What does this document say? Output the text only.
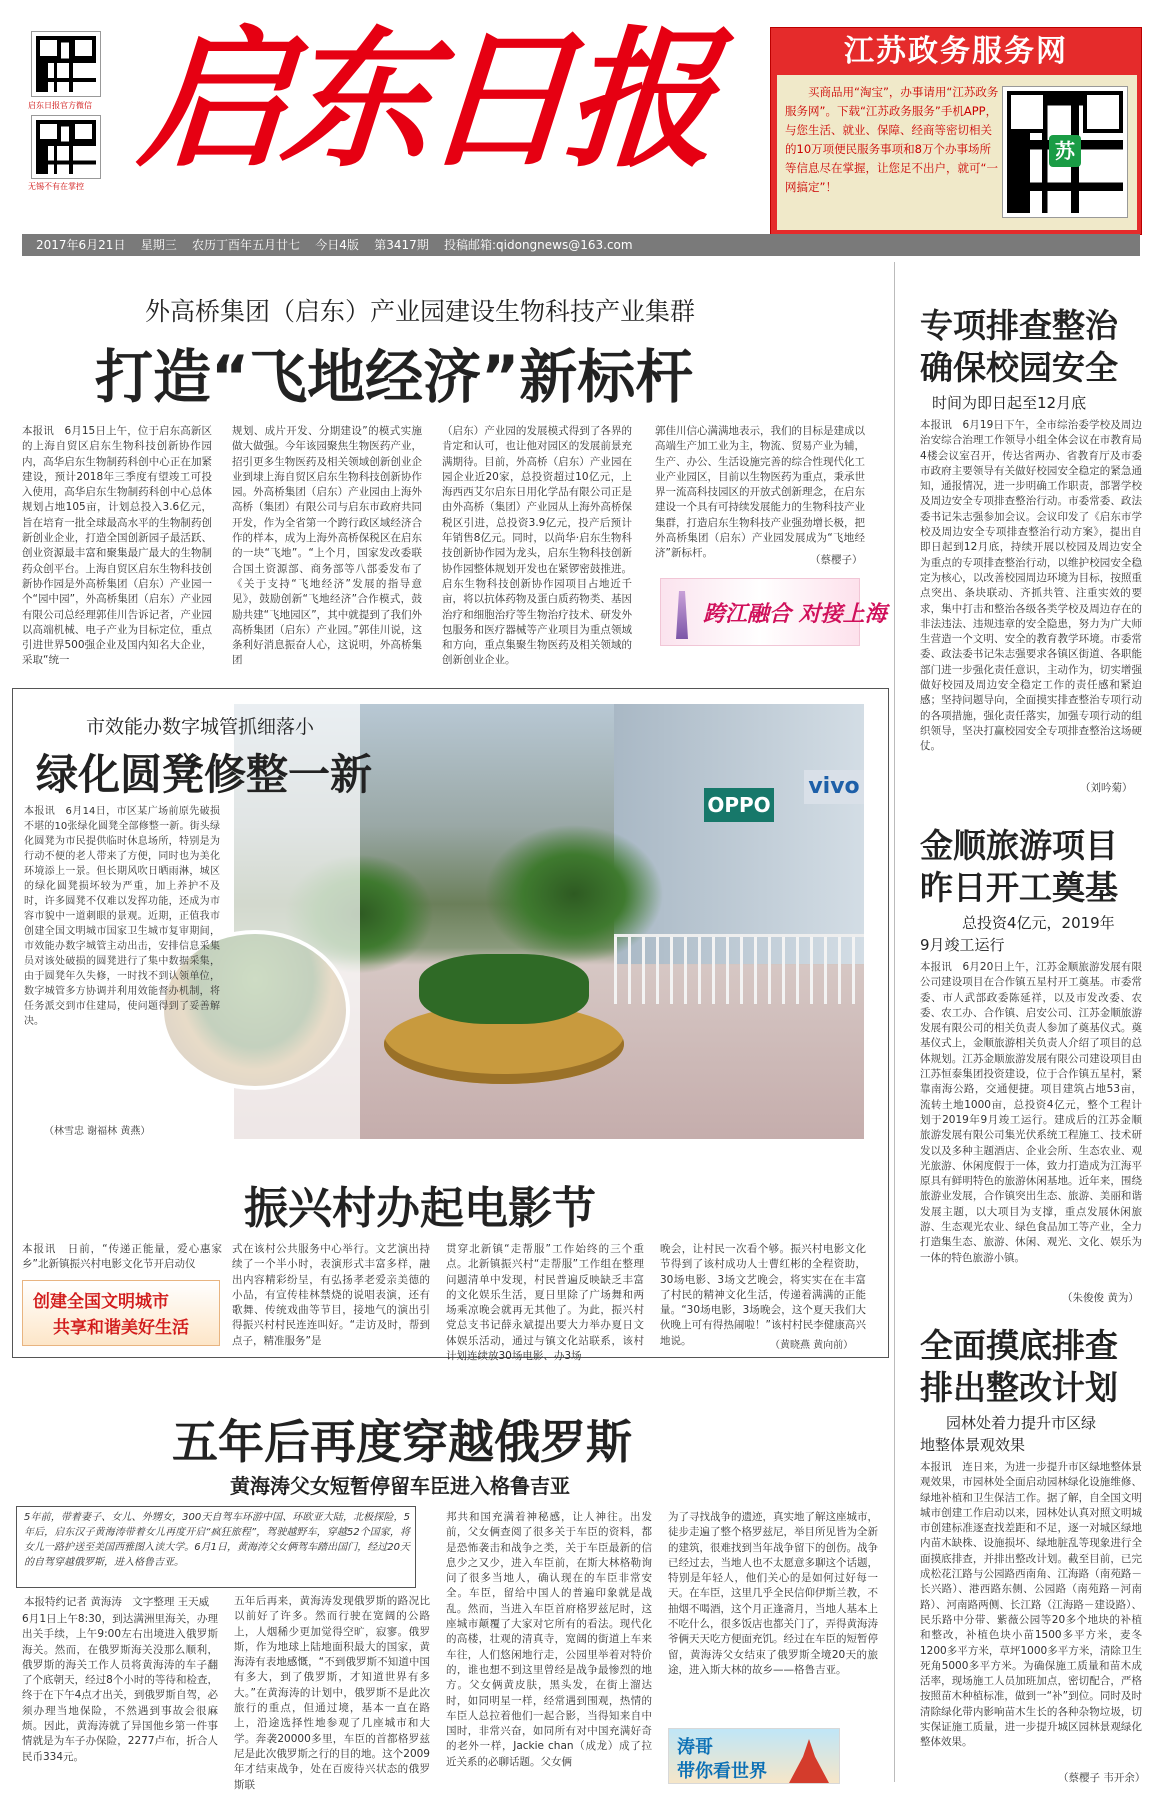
启东日报官方微信
无锡不有在掌控 启东日报	江苏政务服务网
买商品用“淘宝”，办事请用“江苏政务服务网”。下载“江苏政务服务”手机APP，与您生活、就业、保障、经商等密切相关的10万项便民服务事项和8万个办事场所等信息尽在掌握，让您足不出户，就可“一网搞定”！
苏
2017年6月21日 星期三 农历丁酉年五月廿七 今日4版 第3417期 投稿邮箱:qidongnews@163.com
外高桥集团（启东）产业园建设生物科技产业集群
打造“飞地经济”新标杆
本报讯　6月15日上午，位于启东高新区的上海自贸区启东生物科技创新协作园内，高华启东生物制药科创中心正在加紧建设，预计2018年三季度有望竣工可投入使用，高华启东生物制药科创中心总体规划占地105亩，计划总投入3.6亿元，旨在培育一批全球最高水平的生物制药创新创业企业，打造全国创新园子最活跃、创业资源最丰富和聚集最广最大的生物制药众创平台。上海自贸区启东生物科技创新协作园是外高桥集团（启东）产业园一个“园中园”，外高桥集团（启东）产业园有限公司总经理郭佳川告诉记者，产业园以高端机械、电子产业为目标定位，重点引进世界500强企业及国内知名大企业，采取“统一
规划、成片开发、分期建设”的模式实施做大做强。今年该园聚焦生物医药产业，招引更多生物医药及相关领域创新创业企业到埭上海自贸区启东生物科技创新协作园。外高桥集团（启东）产业园由上海外高桥（集团）有限公司与启东市政府共同开发，作为全省第一个跨行政区域经济合作的样本，成为上海外高桥保税区在启东的一块“飞地”。“上个月，国家发改委联合国土资源部、商务部等八部委发布了《关于支持“飞地经济”发展的指导意见》，鼓励创新“飞地经济”合作模式，鼓励共建“飞地园区”，其中就提到了我们外高桥集团（启东）产业园。”郭佳川说，这条利好消息振奋人心，这说明，外高桥集团
（启东）产业园的发展模式得到了各界的肯定和认可，也让他对园区的发展前景充满期待。目前，外高桥（启东）产业园在园企业近20家，总投资超过10亿元，上海西西艾尔启东日用化学品有限公司正是由外高桥（集团）产业园从上海外高桥保税区引进，总投资3.9亿元，投产后预计年销售8亿元。同时，以尚华·启东生物科技创新协作园为龙头，启东生物科技创新协作园整体规划开发也在紧锣密鼓推进。启东生物科技创新协作园项目占地近千亩，将以抗体药物及蛋白质药物类、基因治疗和细胞治疗等生物治疗技术、研发外包服务和医疗器械等产业项目为重点领域和方向，重点集聚生物医药及相关领域的创新创业企业。
郭佳川信心满满地表示，我们的目标是建成以高端生产加工业为主，物流、贸易产业为辅，生产、办公、生活设施完善的综合性现代化工业产业园区，目前以生物医药为重点，秉承世界一流高科技园区的开放式创新理念，在启东建设一个具有可持续发展能力的生物科技产业集群，打造启东生物科技产业强劲增长极，把外高桥集团（启东）产业园发展成为“飞地经济”新标杆。
（蔡樱子）
跨江融合 对接上海
专项排查整治
确保校园安全
时间为即日起至12月底
本报讯　6月19日下午，全市综治委学校及周边治安综合治理工作领导小组全体会议在市教育局4楼会议室召开，传达省两办、省教育厅及市委市政府主要领导有关做好校园安全稳定的紧急通知，通报情况，进一步明确工作职责，部署学校及周边安全专项排查整治行动。市委常委、政法委书记朱志强参加会议。会议印发了《启东市学校及周边安全专项排查整治行动方案》，提出自即日起到12月底，持续开展以校园及周边安全为重点的专项排查整治行动，以维护校园安全稳定为核心，以改善校园周边环境为目标，按照重点突出、条块联动、齐抓共管、注重实效的要求，集中打击和整治各级各类学校及周边存在的非法违法、违规违章的安全隐患，努力为广大师生营造一个文明、安全的教育教学环境。市委常委、政法委书记朱志强要求各镇区街道、各职能部门进一步强化责任意识，主动作为，切实增强做好校园及周边安全稳定工作的责任感和紧迫感；坚持问题导向，全面摸实排查整治专项行动的各项措施，强化责任落实，加强专项行动的组织领导，坚决打赢校园安全专项排查整治这场硬仗。
（刘吟菊）
OPPO
vivo
市效能办数字城管抓细落小
绿化圆凳修整一新
本报讯　6月14日，市区某广场前原先破损不堪的10张绿化圆凳全部修整一新。街头绿化圆凳为市民提供临时休息场所，特别是为行动不便的老人带来了方便，同时也为美化环境添上一景。但长期风吹日晒雨淋，城区的绿化圆凳损坏较为严重，加上养护不及时，许多圆凳不仅难以发挥功能，还成为市容市貌中一道刺眼的景观。近期，正值我市创建全国文明城市国家卫生城市复审期间，市效能办数字城管主动出击，安排信息采集员对该处破损的圆凳进行了集中数据采集，由于圆凳年久失修，一时找不到认领单位，数字城管多方协调并利用效能督办机制，将任务派交到市住建局，使问题得到了妥善解决。
（林雪忠 谢福林 黄燕）
振兴村办起电影节
本报讯　日前，“传递正能量，爱心惠家乡”北新镇振兴村电影文化节开启动仪
创建全国文明城市
共享和谐美好生活
式在该村公共服务中心举行。文艺演出持续了一个半小时，表演形式丰富多样，融出内容精彩纷呈，有弘扬孝老爱亲美德的小品，有宣传桂林禁烧的说唱表演，还有歌舞、传统戏曲等节目，接地气的演出引得振兴村村民连连叫好。“走访及时，帮到点子，精准服务”是
贯穿北新镇“走帮服”工作始终的三个重点。北新镇振兴村“走帮服”工作组在整理问题清单中发现，村民普遍反映缺乏丰富的文化娱乐生活，夏日里除了广场舞和两场乘凉晚会就再无其他了。为此，振兴村党总支书记薛永斌提出要大力举办夏日文体娱乐活动，通过与镇文化站联系，该村计划连续放30场电影、办3场
晚会，让村民一次看个够。振兴村电影文化节得到了该村成功人士曹红彬的全程资助，30场电影、3场文艺晚会，将实实在在丰富了村民的精神文化生活，传递着满满的正能量。“30场电影，3场晚会，这个夏天我们大伙晚上可有得热闹啦！”该村村民李健康高兴地说。	（黄晓燕 黄向前）
金顺旅游项目
昨日开工奠基
总投资4亿元，2019年
9月竣工运行
本报讯　6月20日上午，江苏金顺旅游发展有限公司建设项目在合作镇五星村开工奠基。市委常委、市人武部政委陈延祥，以及市发改委、农委、农工办、合作镇、启安公司、江苏金顺旅游发展有限公司的相关负责人参加了奠基仪式。奠基仪式上，金顺旅游相关负责人介绍了项目的总体规划。江苏金顺旅游发展有限公司建设项目由江苏恒泰集团投资建设，位于合作镇五星村，紧靠南海公路，交通便捷。项目建筑占地53亩，流转土地1000亩，总投资4亿元，整个工程计划于2019年9月竣工运行。建成后的江苏金顺旅游发展有限公司集光伏系统工程施工、技术研发以及多种主题酒店、企业会所、生态农业、观光旅游、休闲度假于一体，致力打造成为江海平原具有鲜明特色的旅游休闲基地。近年来，围绕旅游业发展，合作镇突出生态、旅游、美丽和谐发展主题，以大项目为支撑，重点发展休闲旅游、生态观光农业、绿色食品加工等产业，全力打造集生态、旅游、休闲、观光、文化、娱乐为一体的特色旅游小镇。
（朱俊俊 黄为）
五年后再度穿越俄罗斯
黄海涛父女短暂停留车臣进入格鲁吉亚
5年前，带着妻子、女儿、外甥女，300天自驾车环游中国、环欧亚大陆，北极探险，5年后，启东汉子黄海涛带着女儿再度开启“疯狂旅程”，驾驶越野车，穿越52个国家，将女儿一路护送至美国西雅图入读大学。6月1日，黄海涛父女俩驾车踏出国门，经过20天的自驾穿越俄罗斯，进入格鲁吉亚。
本报特约记者 黄海涛　文字整理 王天威
6月1日上午8:30，到达满洲里海关，办理出关手续，上午9:00左右出境进入俄罗斯海关。然而，在俄罗斯海关没那么顺利，俄罗斯的海关工作人员将黄海涛的车子翻了个底朝天，经过8个小时的等待和检查，终于在下午4点才出关，到俄罗斯自驾，必须办理当地保险，不然遇到事故会很麻烦。因此，黄海涛就了异国他乡第一件事情就是为车子办保险，2277卢布，折合人民币334元。
五年后再来，黄海涛发现俄罗斯的路况比以前好了许多。然而行驶在宽阔的公路上，人烟稀少更加觉得空旷，寂寥。俄罗斯，作为地球上陆地面积最大的国家，黄海涛有表地感慨，“不到俄罗斯不知道中国有多大，到了俄罗斯，才知道世界有多大。”在黄海涛的计划中，俄罗斯不是此次旅行的重点，但通过境，基本一直在路上，沿途选择性地参观了几座城市和大学。奔袭20000多里，车臣的首都格罗兹尼是此次俄罗斯之行的目的地。这个2009年才结束战争，处在百废待兴状态的俄罗斯联
邦共和国充满着神秘感，让人神往。出发前，父女俩查阅了很多关于车臣的资料，都是恐怖袭击和战争之类，关于车臣最新的信息少之又少，进入车臣前，在斯大林格勒询问了很多当地人，确认现在的车臣非常安全。车臣，留给中国人的普遍印象就是战乱。然而，当进入车臣首府格罗兹尼时，这座城市颠覆了大家对它所有的看法。现代化的高楼，壮观的清真寺，宽阔的街道上车来车往，人们悠闲地行走，公园里举着对特价的，谁也想不到这里曾经是战争最惨烈的地方。父女俩黄皮肤，黑头发，在街上溜达时，如同明星一样，经常遇到围观，热情的车臣人总拉着他们一起合影，当得知来自中国时，非常兴奋，如同所有对中国充满好奇的老外一样，Jackie chan（成龙）成了拉近关系的必聊话题。父女俩
为了寻找战争的遗迹，真实地了解这座城市，徒步走遍了整个格罗兹尼，举目所见皆为全新的建筑，很难找到当年战争留下的创伤。战争已经过去，当地人也不太愿意多聊这个话题，特别是年轻人，他们关心的是如何过好每一天。在车臣，这里几乎全民信仰伊斯兰教，不抽烟不喝酒，这个月正逢斋月，当地人基本上不吃什么，很多饭店也都关门了，弄得黄海涛爷俩天天吃方便面充饥。经过在车臣的短暂停留，黄海涛父女结束了俄罗斯全境20天的旅途，进入斯大林的故乡——格鲁吉亚。
涛哥
带你看世界
全面摸底排查
排出整改计划
园林处着力提升市区绿
地整体景观效果
本报讯　连日来，为进一步提升市区绿地整体景观效果，市园林处全面启动园林绿化设施维修、绿地补植和卫生保洁工作。据了解，自全国文明城市创建工作启动以来，园林处认真对照文明城市创建标准逐查找差距和不足，逐一对城区绿地内苗木缺株、设施损坏、绿地脏乱等现象进行全面摸底排查，并排出整改计划。截至目前，已完成松花江路与公园路西南角、江海路（南苑路－长兴路）、港西路东侧、公园路（南苑路－河南路）、河南路两侧、长江路（江海路－建设路）、民乐路中分带、紫薇公园等20多个地块的补植和整改，补植色块小苗1500多平方米，麦冬1200多平方米，草坪1000多平方米，清除卫生死角5000多平方米。为确保施工质量和苗木成活率，现场施工人员加班加点，密切配合，严格按照苗木种植标准，做到一“补”到位。同时及时清除绿化带内影响苗木生长的各种杂物垃圾，切实保证施工质量，进一步提升城区园林景观绿化整体效果。
（蔡樱子 韦开余）
